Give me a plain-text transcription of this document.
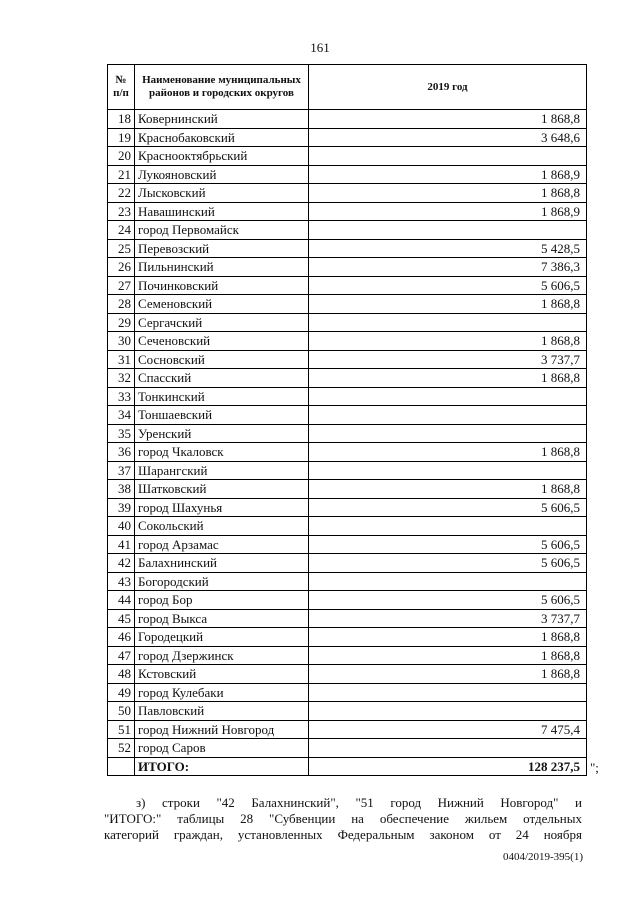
161
№ п/п	Наименование муниципальных районов и городских округов	2019 год
18	Ковернинский	1 868,8
19	Краснобаковский	3 648,6
20	Краснооктябрьский	
21	Лукояновский	1 868,9
22	Лысковский	1 868,8
23	Навашинский	1 868,9
24	город Первомайск	
25	Перевозский	5 428,5
26	Пильнинский	7 386,3
27	Починковский	5 606,5
28	Семеновский	1 868,8
29	Сергачский	
30	Сеченовский	1 868,8
31	Сосновский	3 737,7
32	Спасский	1 868,8
33	Тонкинский	
34	Тоншаевский	
35	Уренский	
36	город Чкаловск	1 868,8
37	Шарангский	
38	Шатковский	1 868,8
39	город Шахунья	5 606,5
40	Сокольский	
41	город Арзамас	5 606,5
42	Балахнинский	5 606,5
43	Богородский	
44	город Бор	5 606,5
45	город Выкса	3 737,7
46	Городецкий	1 868,8
47	город Дзержинск	1 868,8
48	Кстовский	1 868,8
49	город Кулебаки	
50	Павловский	
51	город Нижний Новгород	7 475,4
52	город Саров	
	ИТОГО:	128 237,5 ";
з) строки "42 Балахнинский", "51 город Нижний Новгород" и
"ИТОГО:" таблицы 28 "Субвенции на обеспечение жильем отдельных
категорий граждан, установленных Федеральным законом от 24 ноября
0404/2019-395(1)
